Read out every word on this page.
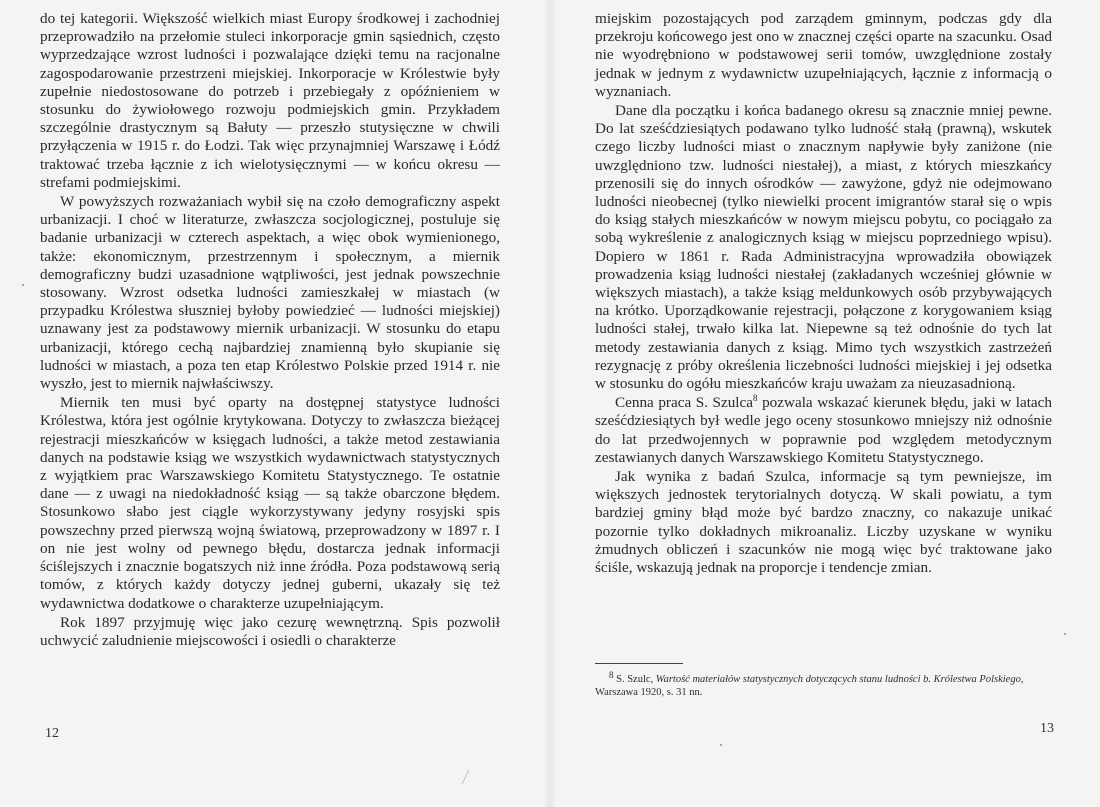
do tej kategorii. Większość wielkich miast Europy środkowej i zachodniej przeprowadziło na przełomie stuleci inkorporacje gmin sąsiednich, często wyprzedzające wzrost ludności i pozwalające dzięki temu na racjonalne zagospodarowanie przestrzeni miejskiej. Inkorporacje w Królestwie były zupełnie niedostosowane do potrzeb i przebiegały z opóźnieniem w stosunku do żywiołowego rozwoju podmiejskich gmin. Przykładem szczególnie drastycznym są Bałuty — przeszło stutysięczne w chwili przyłączenia w 1915 r. do Łodzi. Tak więc przynajmniej Warszawę i Łódź traktować trzeba łącznie z ich wielotysięcznymi — w końcu okresu — strefami podmiejskimi.

W powyższych rozważaniach wybił się na czoło demograficzny aspekt urbanizacji. I choć w literaturze, zwłaszcza socjologicznej, postuluje się badanie urbanizacji w czterech aspektach, a więc obok wymienionego, także: ekonomicznym, przestrzennym i społecznym, a miernik demograficzny budzi uzasadnione wątpliwości, jest jednak powszechnie stosowany. Wzrost odsetka ludności zamieszkałej w miastach (w przypadku Królestwa słuszniej byłoby powiedzieć — ludności miejskiej) uznawany jest za podstawowy miernik urbanizacji. W stosunku do etapu urbanizacji, którego cechą najbardziej znamienną było skupianie się ludności w miastach, a poza ten etap Królestwo Polskie przed 1914 r. nie wyszło, jest to miernik najwłaściwszy.

Miernik ten musi być oparty na dostępnej statystyce ludności Królestwa, która jest ogólnie krytykowana. Dotyczy to zwłaszcza bieżącej rejestracji mieszkańców w księgach ludności, a także metod zestawiania danych na podstawie ksiąg we wszystkich wydawnictwach statystycznych z wyjątkiem prac Warszawskiego Komitetu Statystycznego. Te ostatnie dane — z uwagi na niedokładność ksiąg — są także obarczone błędem. Stosunkowo słabo jest ciągle wykorzystywany jedyny rosyjski spis powszechny przed pierwszą wojną światową, przeprowadzony w 1897 r. I on nie jest wolny od pewnego błędu, dostarcza jednak informacji ściślejszych i znacznie bogatszych niż inne źródła. Poza podstawową serią tomów, z których każdy dotyczy jednej guberni, ukazały się też wydawnictwa dodatkowe o charakterze uzupełniającym.

Rok 1897 przyjmuję więc jako cezurę wewnętrzną. Spis pozwolił uchwycić zaludnienie miejscowości i osiedli o charakterze

miejskim pozostających pod zarządem gminnym, podczas gdy dla przekroju końcowego jest ono w znacznej części oparte na szacunku. Osad nie wyodrębniono w podstawowej serii tomów, uwzględnione zostały jednak w jednym z wydawnictw uzupełniających, łącznie z informacją o wyznaniach.

Dane dla początku i końca badanego okresu są znacznie mniej pewne. Do lat sześćdziesiątych podawano tylko ludność stałą (prawną), wskutek czego liczby ludności miast o znacznym napływie były zaniżone (nie uwzględniono tzw. ludności niestałej), a miast, z których mieszkańcy przenosili się do innych ośrodków — zawyżone, gdyż nie odejmowano ludności nieobecnej (tylko niewielki procent imigrantów starał się o wpis do ksiąg stałych mieszkańców w nowym miejscu pobytu, co pociągało za sobą wykreślenie z analogicznych ksiąg w miejscu poprzedniego wpisu). Dopiero w 1861 r. Rada Administracyjna wprowadziła obowiązek prowadzenia ksiąg ludności niestałej (zakładanych wcześniej głównie w większych miastach), a także ksiąg meldunkowych osób przybywających na krótko. Uporządkowanie rejestracji, połączone z korygowaniem ksiąg ludności stałej, trwało kilka lat. Niepewne są też odnośnie do tych lat metody zestawiania danych z ksiąg. Mimo tych wszystkich zastrzeżeń rezygnację z próby określenia liczebności ludności miejskiej i jej odsetka w stosunku do ogółu mieszkańców kraju uważam za nieuzasadnioną.

Cenna praca S. Szulca$^8$ pozwala wskazać kierunek błędu, jaki w latach sześćdziesiątych był wedle jego oceny stosunkowo mniejszy niż odnośnie do lat przedwojennych w poprawnie pod względem metodycznym zestawianych danych Warszawskiego Komitetu Statystycznego.

Jak wynika z badań Szulca, informacje są tym pewniejsze, im większych jednostek terytorialnych dotyczą. W skali powiatu, a tym bardziej gminy błąd może być bardzo znaczny, co nakazuje unikać pozornie tylko dokładnych mikroanaliz. Liczby uzyskane w wyniku żmudnych obliczeń i szacunków nie mogą więc być traktowane jako ściśle, wskazują jednak na proporcje i tendencje zmian.

8 S. Szulc, Wartość materiałów statystycznych dotyczących stanu ludności b. Królestwa Polskiego, Warszawa 1920, s. 31 nn.
12	13
